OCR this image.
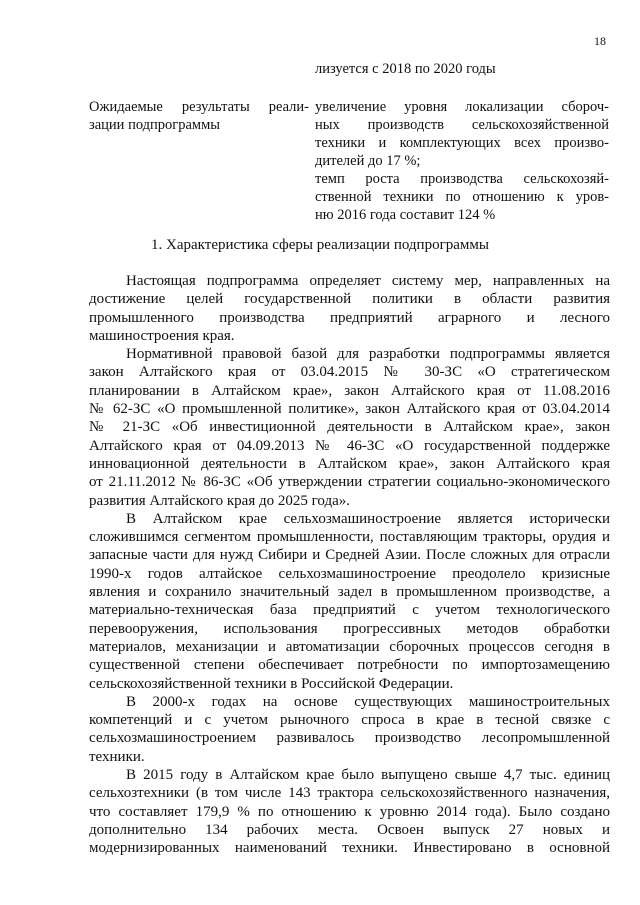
18
лизуется с 2018 по 2020 годы
Ожидаемые результаты реали-
зации подпрограммы
увеличение уровня локализации сбороч-
ных производств сельскохозяйственной
техники и комплектующих всех произво-
дителей до 17 %;
темп роста производства сельскохозяй-
ственной техники по отношению к уров-
ню 2016 года составит 124 %
1. Характеристика сферы реализации подпрограммы
Настоящая подпрограмма определяет систему мер, направленных на
достижение целей государственной политики в области развития
промышленного производства предприятий аграрного и лесного
машиностроения края.
Нормативной правовой базой для разработки подпрограммы является
закон Алтайского края от 03.04.2015 № 30-ЗС «О стратегическом
планировании в Алтайском крае», закон Алтайского края от 11.08.2016
№ 62-ЗС «О промышленной политике», закон Алтайского края от 03.04.2014
№ 21-ЗС «Об инвестиционной деятельности в Алтайском крае», закон
Алтайского края от 04.09.2013 № 46-ЗС «О государственной поддержке
инновационной деятельности в Алтайском крае», закон Алтайского края
от 21.11.2012 № 86-ЗС «Об утверждении стратегии социально-экономического
развития Алтайского края до 2025 года».
В Алтайском крае сельхозмашиностроение является исторически
сложившимся сегментом промышленности, поставляющим тракторы, орудия и
запасные части для нужд Сибири и Средней Азии. После сложных для отрасли
1990-х годов алтайское сельхозмашиностроение преодолело кризисные
явления и сохранило значительный задел в промышленном производстве, а
материально-техническая база предприятий с учетом технологического
перевооружения, использования прогрессивных методов обработки
материалов, механизации и автоматизации сборочных процессов сегодня в
существенной степени обеспечивает потребности по импортозамещению
сельскохозяйственной техники в Российской Федерации.
В 2000-х годах на основе существующих машиностроительных
компетенций и с учетом рыночного спроса в крае в тесной связке с
сельхозмашиностроением развивалось производство лесопромышленной
техники.
В 2015 году в Алтайском крае было выпущено свыше 4,7 тыс. единиц
сельхозтехники (в том числе 143 трактора сельскохозяйственного назначения,
что составляет 179,9 % по отношению к уровню 2014 года). Было создано
дополнительно 134 рабочих места. Освоен выпуск 27 новых и
модернизированных наименований техники. Инвестировано в основной
